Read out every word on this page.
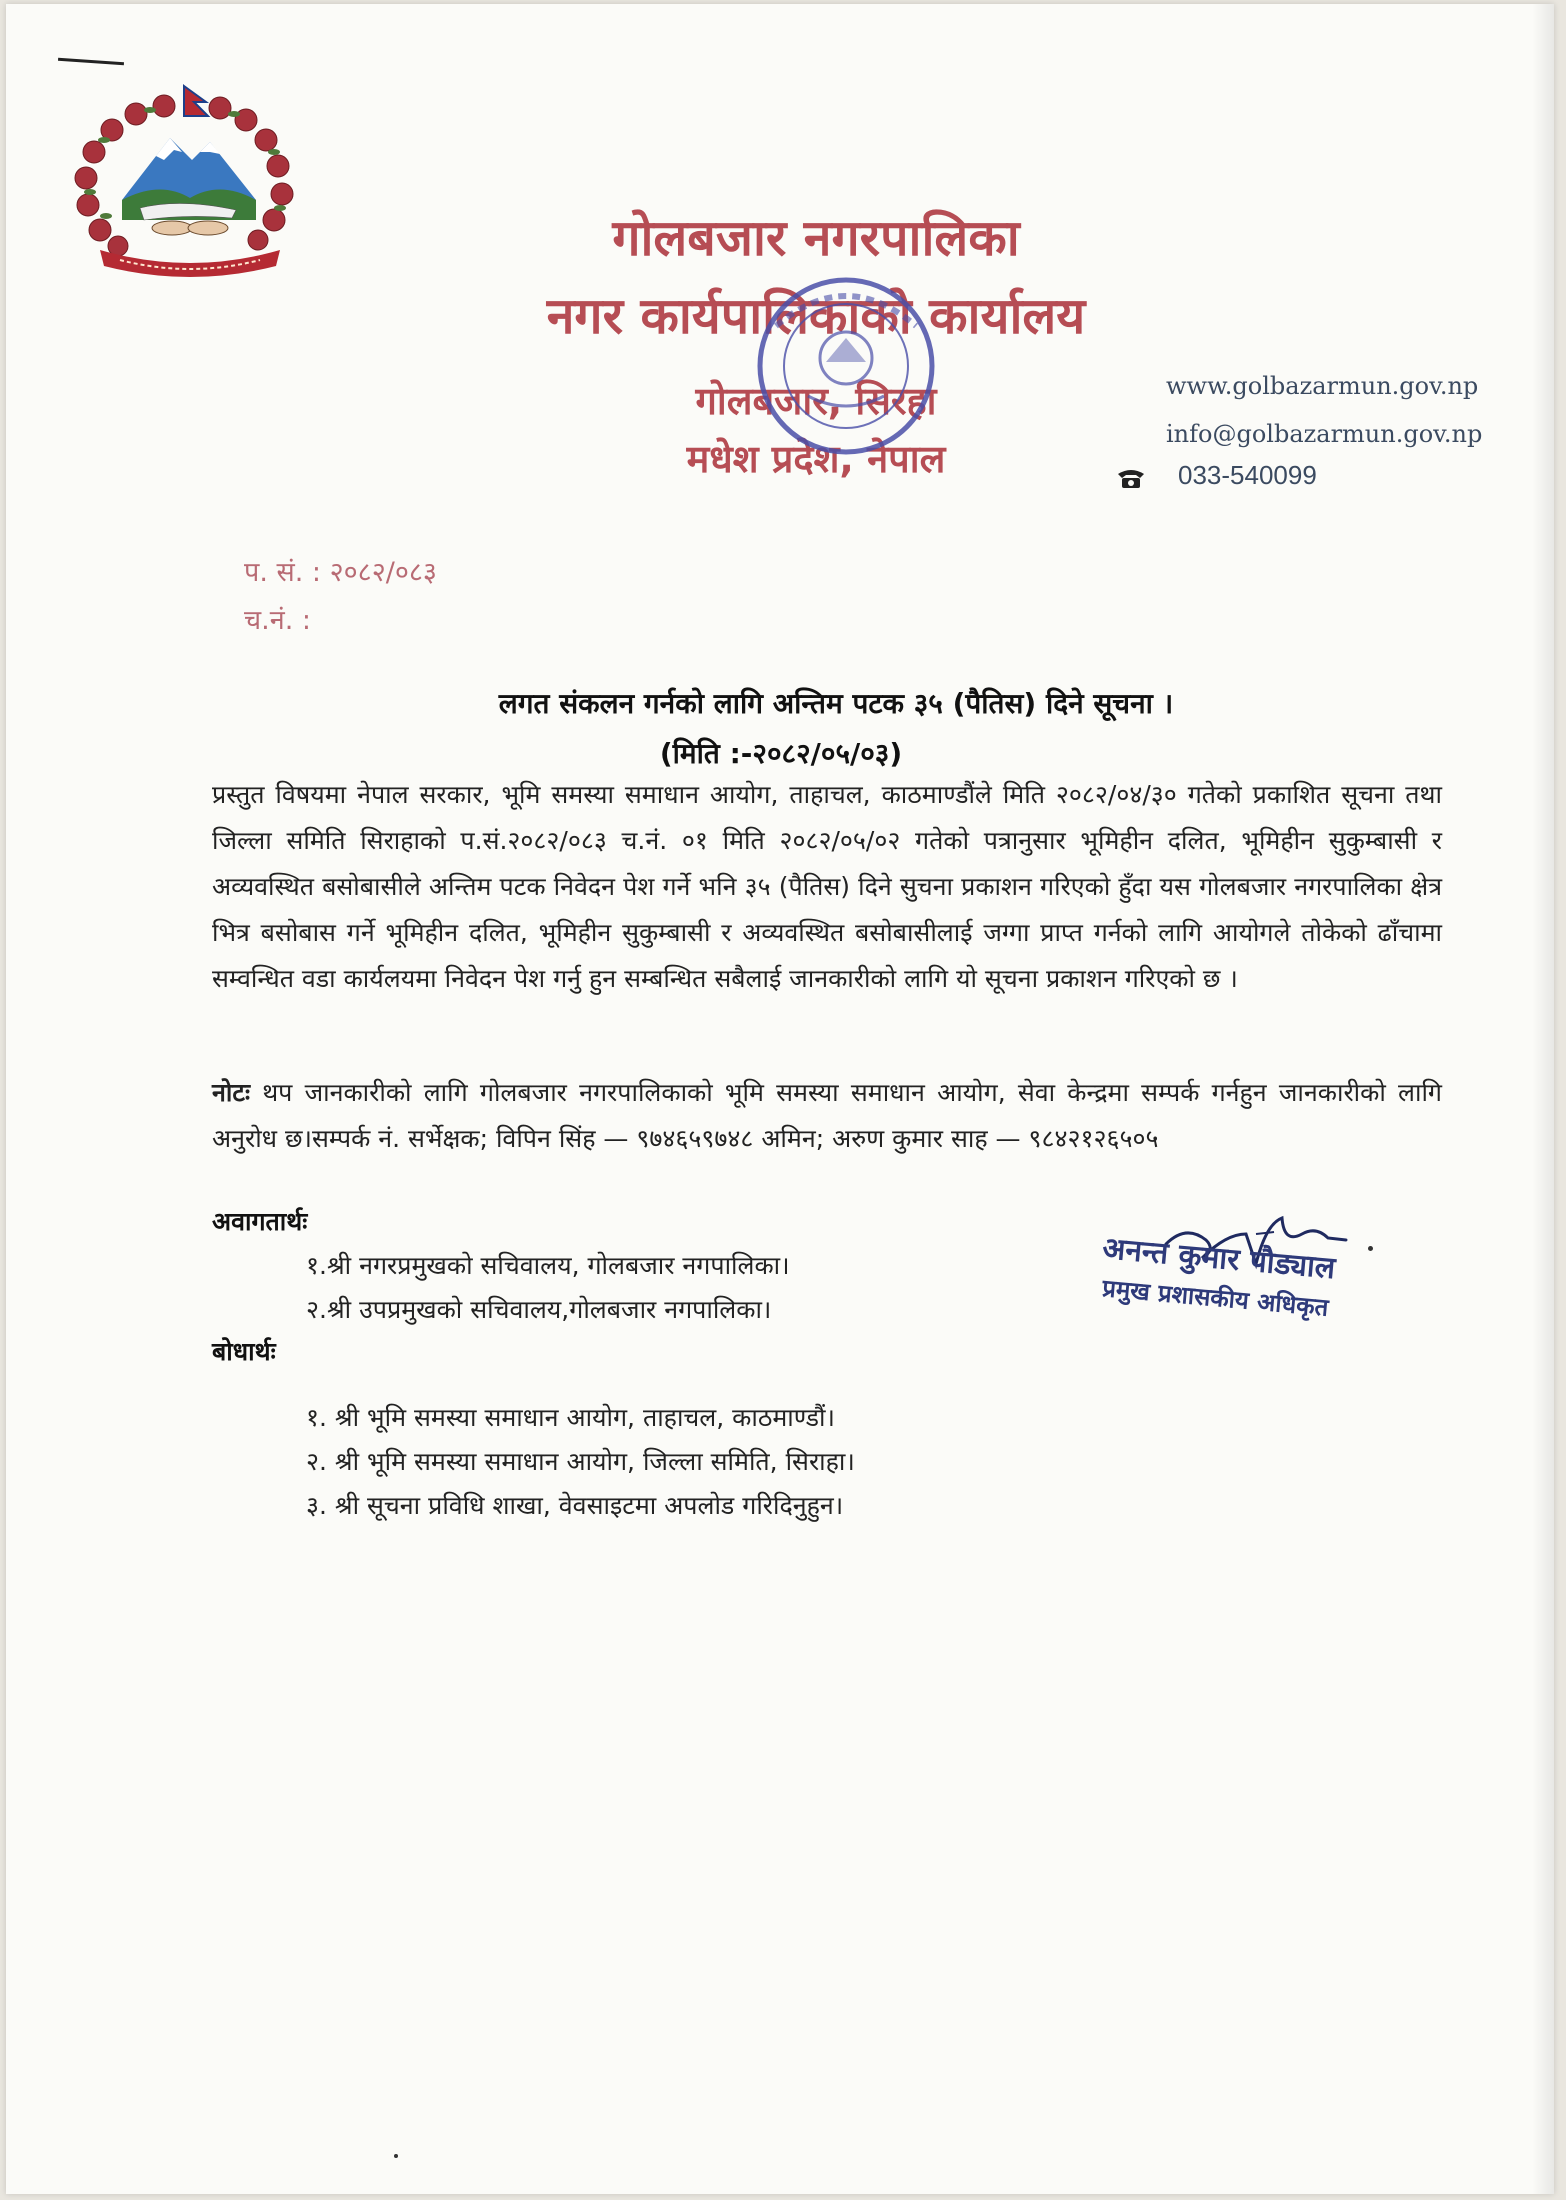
गोलबजार नगरपालिका
नगर कार्यपालिकाको कार्यालय
गोलबजार, सिरहा
मधेश प्रदेश, नेपाल
www.golbazarmun.gov.np
info@golbazarmun.gov.np
033-540099
प. सं. : २०८२/०८३
च.नं. :
लगत संकलन गर्नको लागि अन्तिम पटक ३५ (पैतिस) दिने सूचना ।
(मिति :-२०८२/०५/०३)
प्रस्तुत विषयमा नेपाल सरकार, भूमि समस्या समाधान आयोग, ताहाचल, काठमाण्डौंले मिति २०८२/०४/३० गतेको प्रकाशित सूचना तथा जिल्ला समिति सिराहाको प.सं.२०८२/०८३ च.नं. ०१ मिति २०८२/०५/०२ गतेको पत्रानुसार भूमिहीन दलित, भूमिहीन सुकुम्बासी र अव्यवस्थित बसोबासीले अन्तिम पटक निवेदन पेश गर्ने भनि ३५ (पैतिस) दिने सुचना प्रकाशन गरिएको हुँदा यस गोलबजार नगरपालिका क्षेत्र भित्र बसोबास गर्ने भूमिहीन दलित, भूमिहीन सुकुम्बासी र अव्यवस्थित बसोबासीलाई जग्गा प्राप्त गर्नको लागि आयोगले तोकेको ढाँचामा सम्वन्धित वडा कार्यलयमा निवेदन पेश गर्नु हुन सम्बन्धित सबैलाई जानकारीको लागि यो सूचना प्रकाशन गरिएको छ ।
नोटः थप जानकारीको लागि गोलबजार नगरपालिकाको भूमि समस्या समाधान आयोग, सेवा केन्द्रमा सम्पर्क गर्नहुन जानकारीको लागि अनुरोध छ।सम्पर्क नं. सर्भेक्षक; विपिन सिंह — ९७४६५९७४८ अमिन; अरुण कुमार साह — ९८४२१२६५०५
अवागतार्थः
१.श्री नगरप्रमुखको सचिवालय, गोलबजार नगपालिका।
२.श्री उपप्रमुखको सचिवालय,गोलबजार नगपालिका।
बोधार्थः
१. श्री भूमि समस्या समाधान आयोग, ताहाचल, काठमाण्डौं।
२. श्री भूमि समस्या समाधान आयोग, जिल्ला समिति, सिराहा।
३. श्री सूचना प्रविधि शाखा, वेवसाइटमा अपलोड गरिदिनुहुन।
अनन्त कुमार पौड्याल
प्रमुख प्रशासकीय अधिकृत
